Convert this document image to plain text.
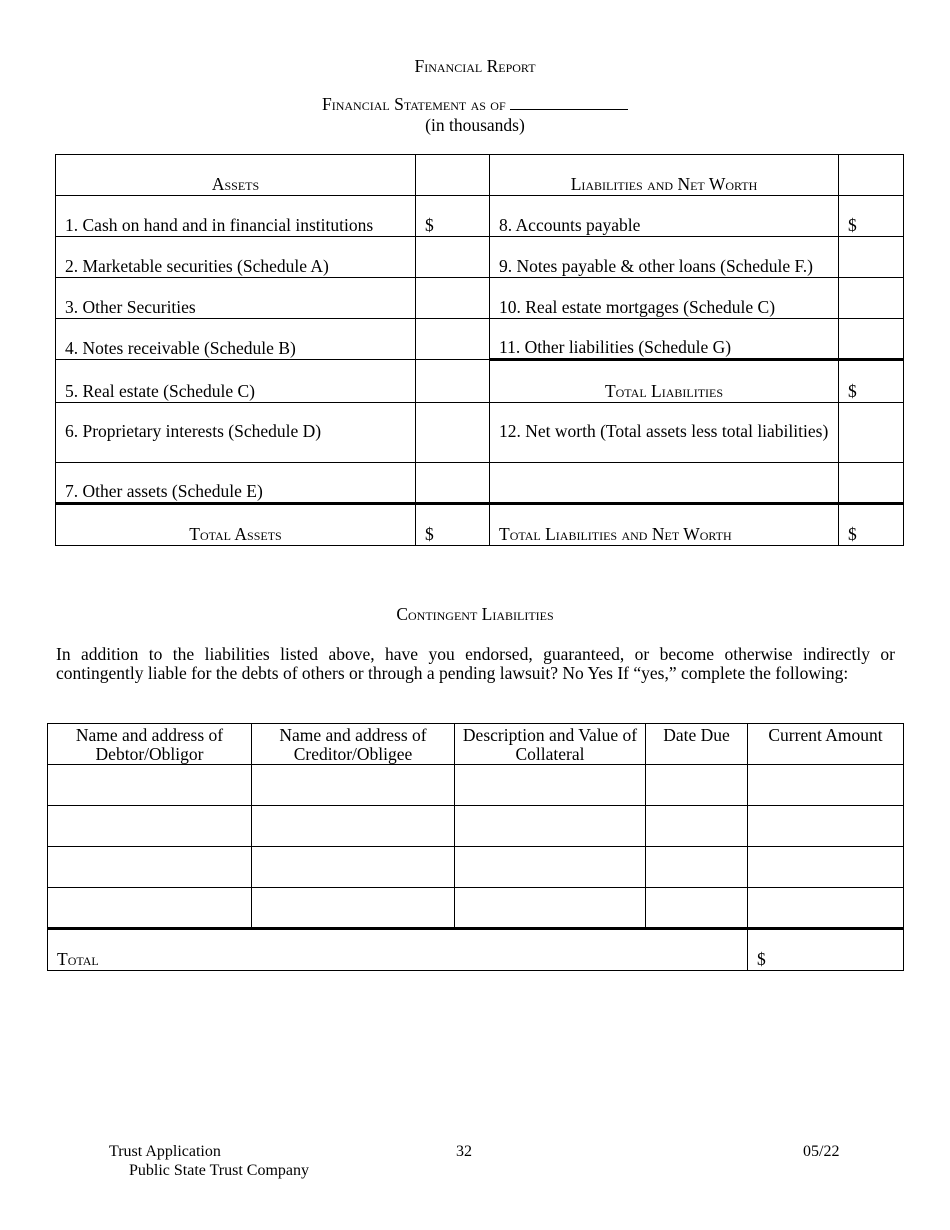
Financial Report
Financial Statement as of
(in thousands)
Assets		Liabilities and Net Worth	
1. Cash on hand and in financial institutions	$	8. Accounts payable	$
2. Marketable securities (Schedule A)		9. Notes payable & other loans (Schedule F.)	
3. Other Securities		10. Real estate mortgages (Schedule C)	
4. Notes receivable (Schedule B)		11. Other liabilities (Schedule G)	
5. Real estate (Schedule C)		Total Liabilities	$
6. Proprietary interests (Schedule D)		12. Net worth (Total assets less total liabilities)	
7. Other assets (Schedule E)			
Total Assets	$	Total Liabilities and Net Worth	$
Contingent Liabilities
In addition to the liabilities listed above, have you endorsed, guaranteed, or become otherwise indirectly or contingently liable for the debts of others or through a pending lawsuit? No Yes If “yes,” complete the following:
Name and address of Debtor/Obligor	Name and address of Creditor/Obligee	Description and Value of Collateral	Date Due	Current Amount

Total				$
Trust Application
Public State Trust Company
32	05/22
